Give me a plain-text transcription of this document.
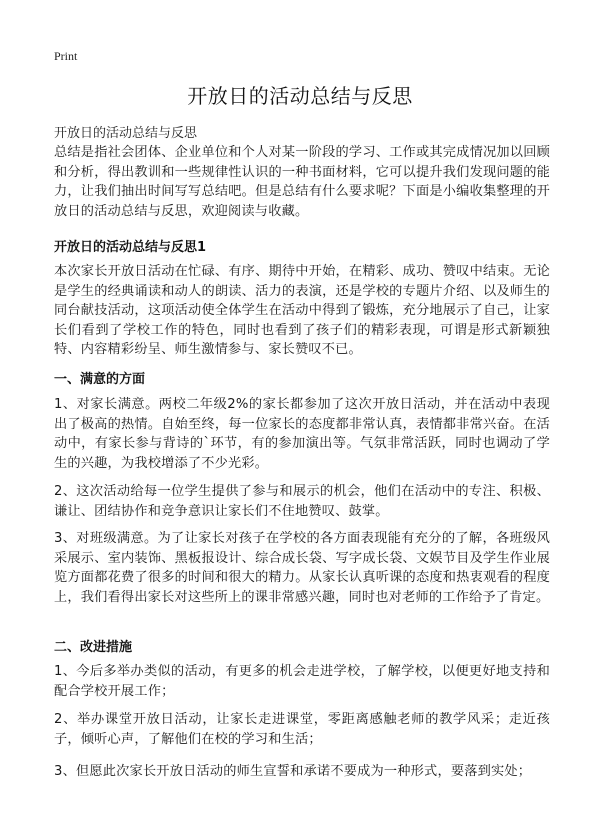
Print
开放日的活动总结与反思
开放日的活动总结与反思
总结是指社会团体、企业单位和个人对某一阶段的学习、工作或其完成情况加以回顾和分析，得出教训和一些规律性认识的一种书面材料，它可以提升我们发现问题的能力，让我们抽出时间写写总结吧。但是总结有什么要求呢？下面是小编收集整理的开放日的活动总结与反思，欢迎阅读与收藏。
开放日的活动总结与反思1
本次家长开放日活动在忙碌、有序、期待中开始，在精彩、成功、赞叹中结束。无论是学生的经典诵读和动人的朗读、活力的表演，还是学校的专题片介绍、以及师生的同台献技活动，这项活动使全体学生在活动中得到了锻炼，充分地展示了自己，让家长们看到了学校工作的特色，同时也看到了孩子们的精彩表现，可谓是形式新颖独特、内容精彩纷呈、师生激情参与、家长赞叹不已。
一、满意的方面
1、对家长满意。两校二年级2%的家长都参加了这次开放日活动，并在活动中表现出了极高的热情。自始至终，每一位家长的态度都非常认真，表情都非常兴奋。在活动中，有家长参与背诗的`环节，有的参加演出等。气氛非常活跃，同时也调动了学生的兴趣，为我校增添了不少光彩。
2、这次活动给每一位学生提供了参与和展示的机会，他们在活动中的专注、积极、谦让、团结协作和竞争意识让家长们不住地赞叹、鼓掌。
3、对班级满意。为了让家长对孩子在学校的各方面表现能有充分的了解，各班级风采展示、室内装饰、黑板报设计、综合成长袋、写字成长袋、文娱节目及学生作业展览方面都花费了很多的时间和很大的精力。从家长认真听课的态度和热衷观看的程度上，我们看得出家长对这些所上的课非常感兴趣，同时也对老师的工作给予了肯定。
二、改进措施
1、今后多举办类似的活动，有更多的机会走进学校，了解学校，以便更好地支持和配合学校开展工作；
2、举办课堂开放日活动，让家长走进课堂，零距离感触老师的教学风采；走近孩子，倾听心声，了解他们在校的学习和生活；
3、但愿此次家长开放日活动的师生宣誓和承诺不要成为一种形式，要落到实处；
